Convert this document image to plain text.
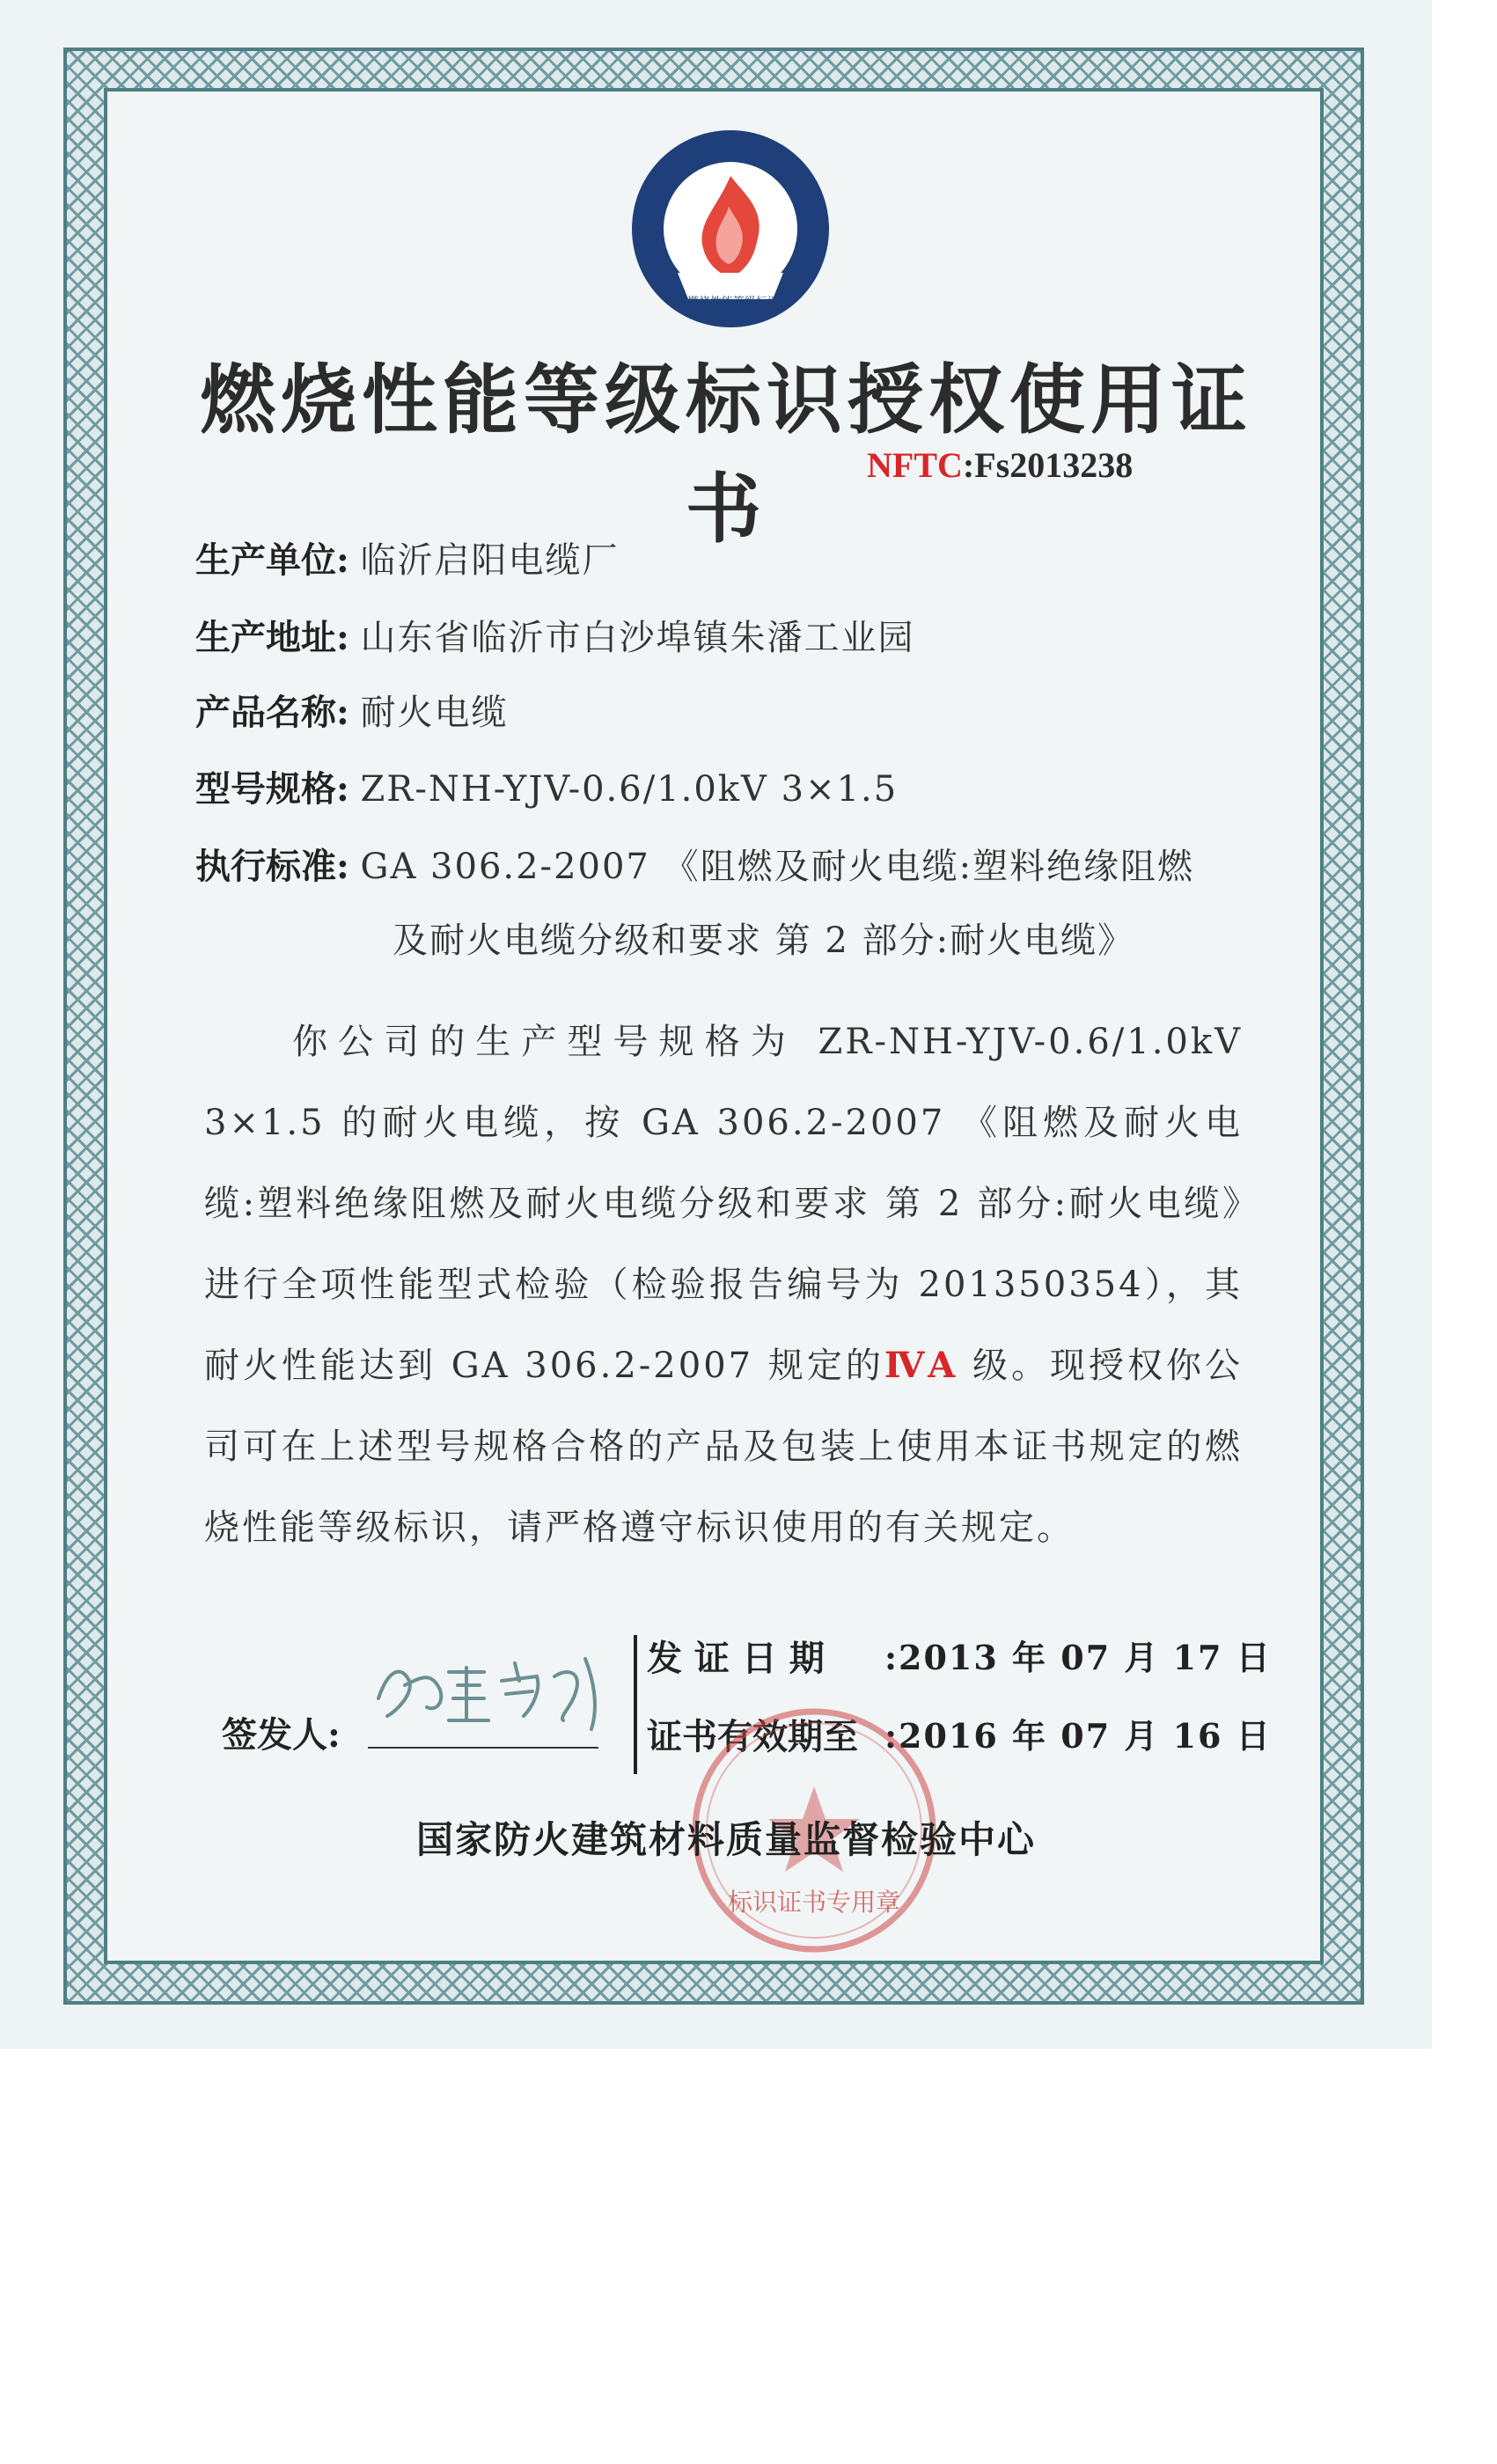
燃烧性能等级标识
燃烧性能等级标识授权使用证书	NFTC:Fs2013238
生产单位: 临沂启阳电缆厂
生产地址: 山东省临沂市白沙埠镇朱潘工业园
产品名称: 耐火电缆
型号规格: ZR-NH-YJV-0.6/1.0kV 3×1.5
执行标准: GA 306.2-2007 《阻燃及耐火电缆:塑料绝缘阻燃
及耐火电缆分级和要求 第 2 部分:耐火电缆》
你公司的生产型号规格为 ZR-NH-YJV-0.6/1.0kV 3×1.5 的耐火电缆，按 GA 306.2-2007 《阻燃及耐火电缆:塑料绝缘阻燃及耐火电缆分级和要求 第 2 部分:耐火电缆》进行全项性能型式检验（检验报告编号为 201350354），其耐火性能达到 GA 306.2-2007 规定的ⅣA 级。现授权你公司可在上述型号规格合格的产品及包装上使用本证书规定的燃烧性能等级标识，请严格遵守标识使用的有关规定。
签发人:
发 证 日 期 :2013 年 07 月 17 日
证书有效期至 :2016 年 07 月 16 日
国家防火建筑材料质量监督检验中心
标识证书专用章
